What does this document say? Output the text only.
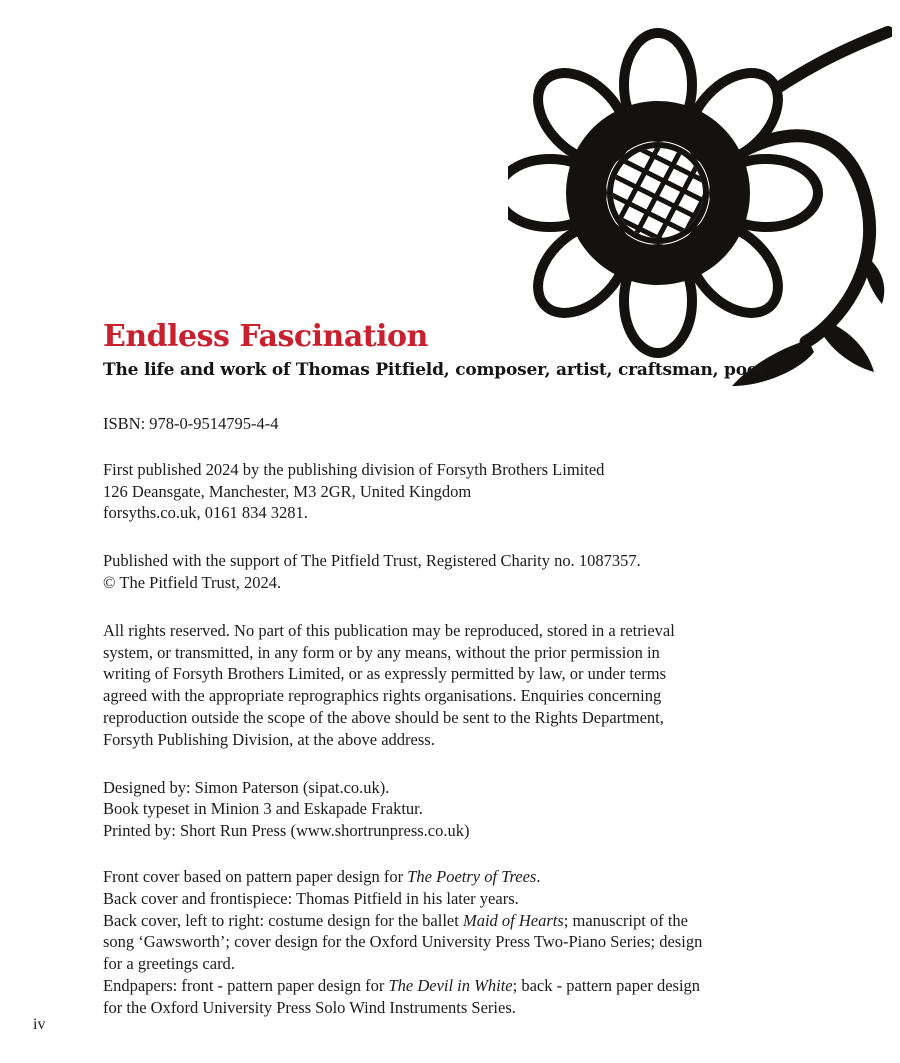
Endless Fascination
The life and work of Thomas Pitfield, composer, artist, craftsman, poet

ISBN: 978-0-9514795-4-4

First published 2024 by the publishing division of Forsyth Brothers Limited
126 Deansgate, Manchester, M3 2GR, United Kingdom
forsyths.co.uk, 0161 834 3281.

Published with the support of The Pitfield Trust, Registered Charity no. 1087357.
© The Pitfield Trust, 2024.

All rights reserved. No part of this publication may be reproduced, stored in a retrieval
system, or transmitted, in any form or by any means, without the prior permission in
writing of Forsyth Brothers Limited, or as expressly permitted by law, or under terms
agreed with the appropriate reprographics rights organisations. Enquiries concerning
reproduction outside the scope of the above should be sent to the Rights Department,
Forsyth Publishing Division, at the above address.

Designed by: Simon Paterson (sipat.co.uk).
Book typeset in Minion 3 and Eskapade Fraktur.
Printed by: Short Run Press (www.shortrunpress.co.uk)

Front cover based on pattern paper design for The Poetry of Trees.
Back cover and frontispiece: Thomas Pitfield in his later years.
Back cover, left to right: costume design for the ballet Maid of Hearts; manuscript of the
song ‘Gawsworth’; cover design for the Oxford University Press Two-Piano Series; design
for a greetings card.
Endpapers: front - pattern paper design for The Devil in White; back - pattern paper design
for the Oxford University Press Solo Wind Instruments Series.

iv
